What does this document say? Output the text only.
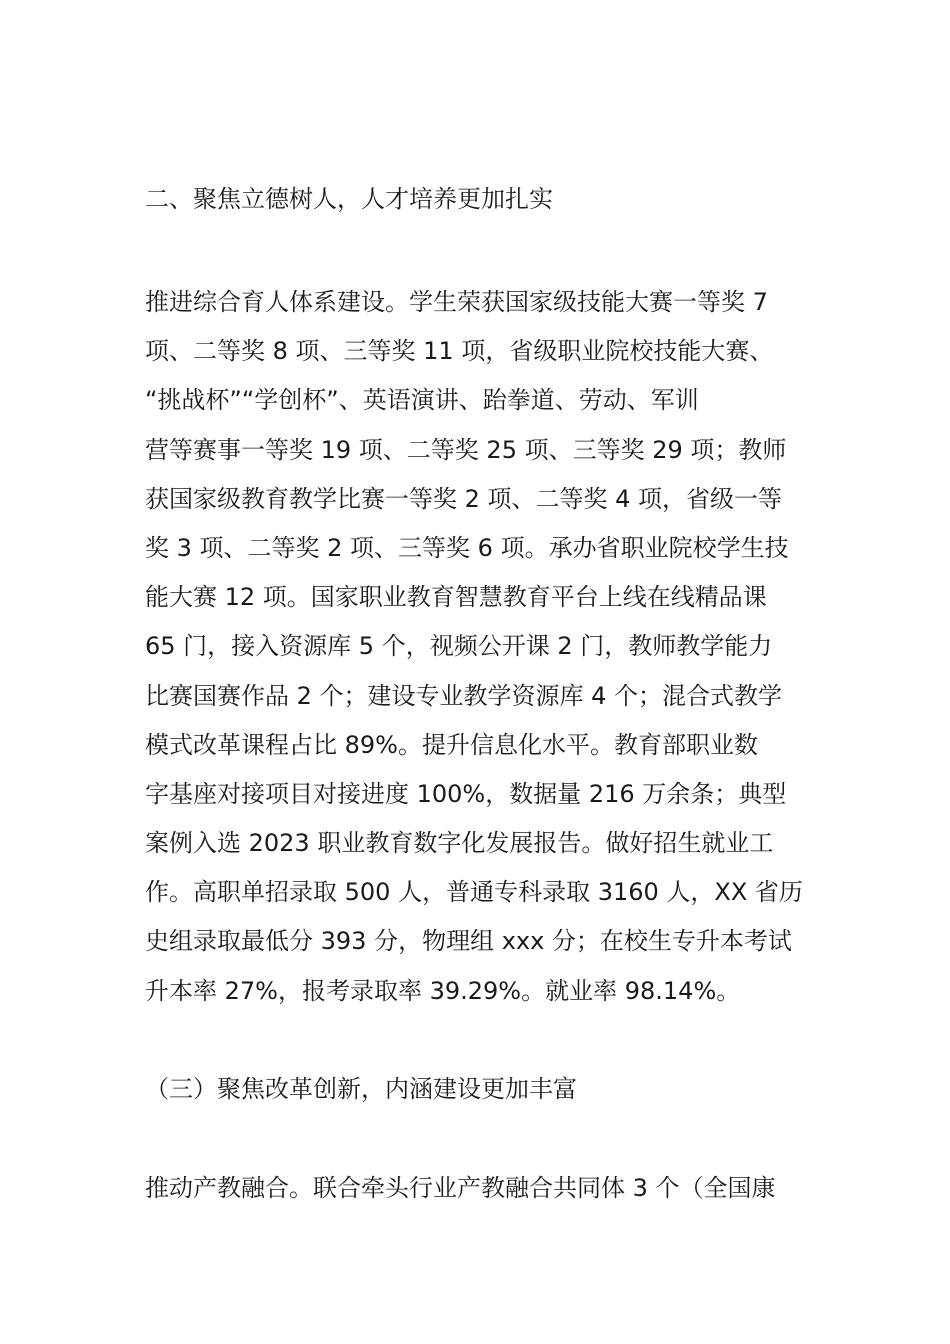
二、聚焦立德树人，人才培养更加扎实

推进综合育人体系建设。学生荣获国家级技能大赛一等奖 7
项、二等奖 8 项、三等奖 11 项，省级职业院校技能大赛、
“挑战杯”“学创杯”、英语演讲、跆拳道、劳动、军训
营等赛事一等奖 19 项、二等奖 25 项、三等奖 29 项；教师
获国家级教育教学比赛一等奖 2 项、二等奖 4 项，省级一等
奖 3 项、二等奖 2 项、三等奖 6 项。承办省职业院校学生技
能大赛 12 项。国家职业教育智慧教育平台上线在线精品课
65 门，接入资源库 5 个，视频公开课 2 门，教师教学能力
比赛国赛作品 2 个；建设专业教学资源库 4 个；混合式教学
模式改革课程占比 89%。提升信息化水平。教育部职业数
字基座对接项目对接进度 100%，数据量 216 万余条；典型
案例入选 2023 职业教育数字化发展报告。做好招生就业工
作。高职单招录取 500 人，普通专科录取 3160 人，XX 省历
史组录取最低分 393 分，物理组 xxx 分；在校生专升本考试
升本率 27%，报考录取率 39.29%。就业率 98.14%。

（三）聚焦改革创新，内涵建设更加丰富

推动产教融合。联合牵头行业产教融合共同体 3 个（全国康
